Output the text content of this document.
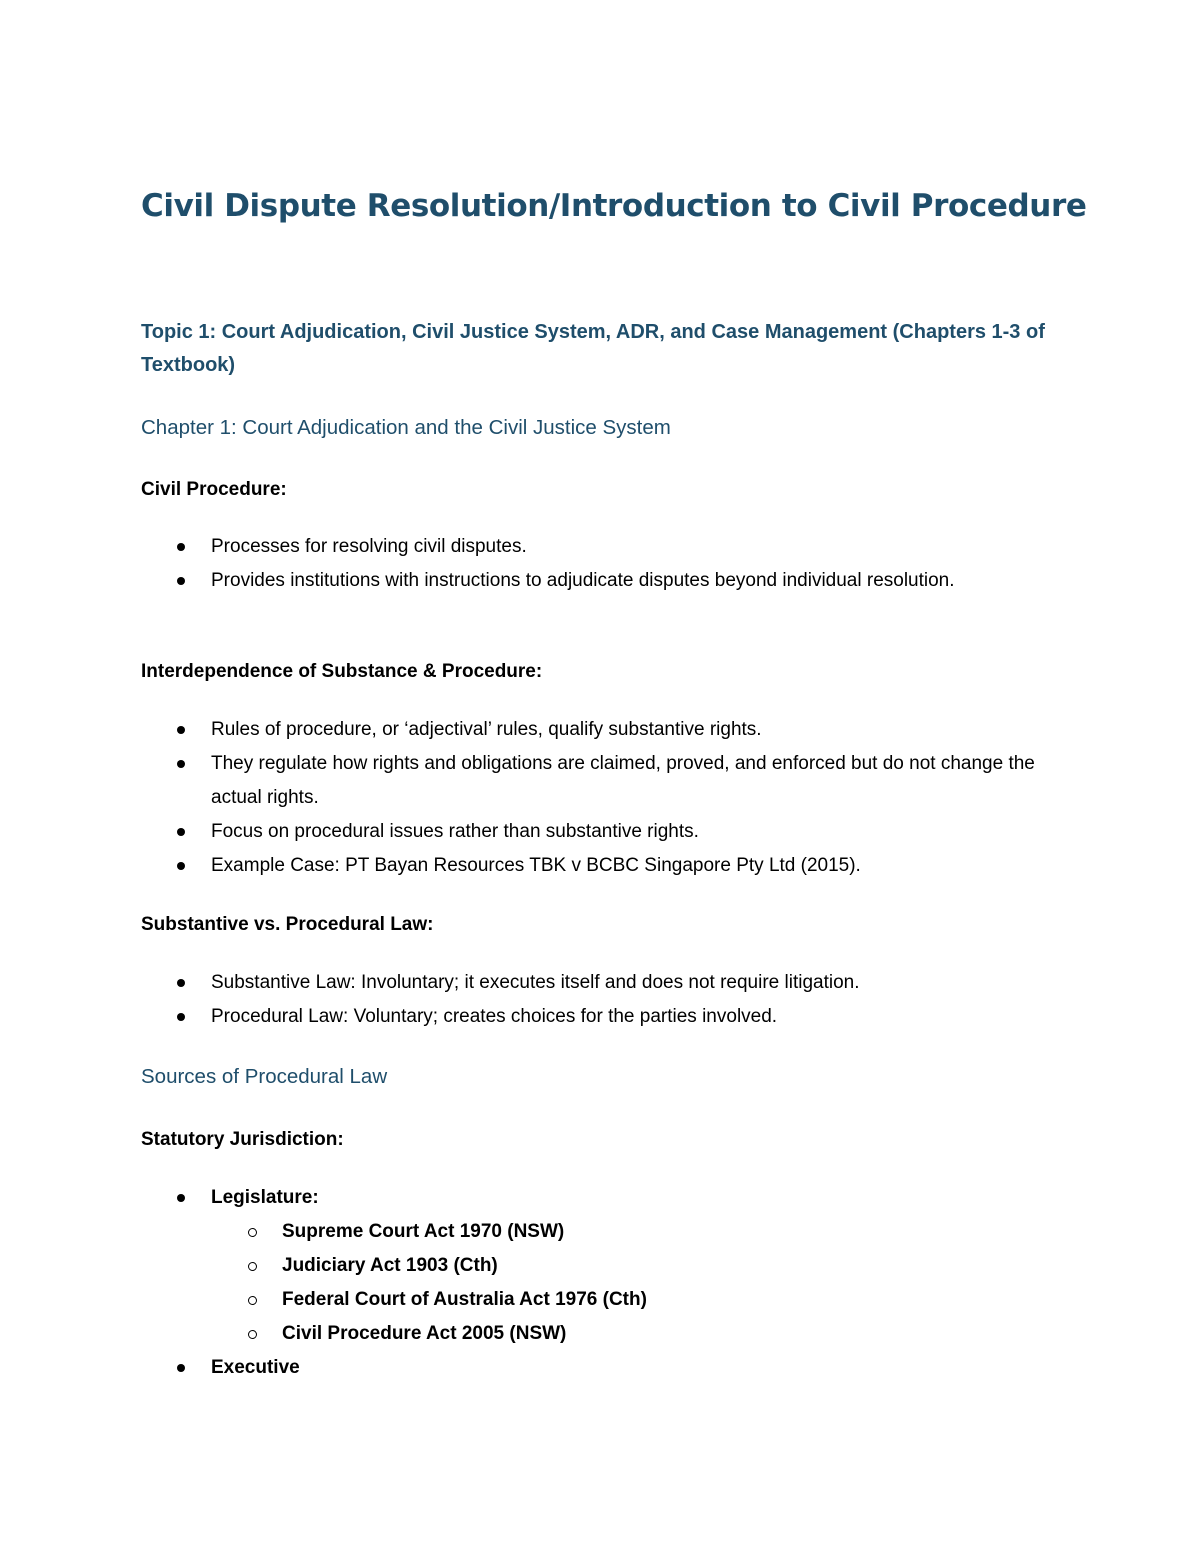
Civil Dispute Resolution/Introduction to Civil Procedure
Topic 1: Court Adjudication, Civil Justice System, ADR, and Case Management (Chapters 1-3 of Textbook)
Chapter 1: Court Adjudication and the Civil Justice System
Civil Procedure:
Processes for resolving civil disputes.
Provides institutions with instructions to adjudicate disputes beyond individual resolution.
Interdependence of Substance & Procedure:
Rules of procedure, or ‘adjectival’ rules, qualify substantive rights.
They regulate how rights and obligations are claimed, proved, and enforced but do not change the actual rights.
Focus on procedural issues rather than substantive rights.
Example Case: PT Bayan Resources TBK v BCBC Singapore Pty Ltd (2015).
Substantive vs. Procedural Law:
Substantive Law: Involuntary; it executes itself and does not require litigation.
Procedural Law: Voluntary; creates choices for the parties involved.
Sources of Procedural Law
Statutory Jurisdiction:
Legislature:
Supreme Court Act 1970 (NSW)
Judiciary Act 1903 (Cth)
Federal Court of Australia Act 1976 (Cth)
Civil Procedure Act 2005 (NSW)
Executive
